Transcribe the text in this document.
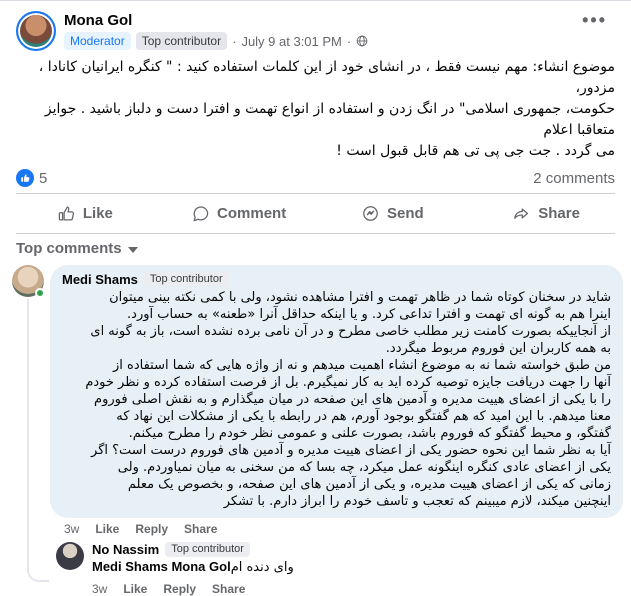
Mona Gol
Moderator	Top contributor · July 9 at 3:01 PM ·
•••
موضوع انشاء: مهم نیست فقط ، در انشای خود از این کلمات استفاده کنید : " کنگره ایرانیان کانادا ، مزدور،
حکومت، جمهوری اسلامی" در انگ زدن و استفاده از انواع تهمت و افترا دست و دلباز باشید . جوایز متعاقبا اعلام
می گردد . جت جی پی تی هم قابل قبول است !
5	2 comments
Like	Comment	Send	Share
Top comments
Medi Shams	Top contributor
شاید در سخنان کوتاه شما در ظاهر تهمت و افترا مشاهده نشود، ولی با کمی نکته بینی میتوان
اینرا هم به گونه ای تهمت و افترا تداعی کرد. و یا اینکه حداقل آنرا «طعنه» به حساب آورد.
از آنجاییکه بصورت کامنت زیر مطلب خاصی مطرح و در آن نامی برده نشده است، باز به گونه ای
به همه کاربران این فوروم مربوط میگردد.
من طبق خواسته شما نه به موضوع انشاء اهمیت میدهم و نه از واژه هایی که شما استفاده از
آنها را جهت دریافت جایزه توصیه کرده اید به کار نمیگیرم. بل از فرصت استفاده کرده و نظر خودم
را با یکی از اعضای هییت مدیره و آدمین های این صفحه در میان میگذارم و به نقش اصلی فوروم
معنا میدهم. با این امید که هم گفتگو بوجود آورم، هم در رابطه با یکی از مشکلات این نهاد که
گفتگو، و محیط گفتگو که فوروم باشد، بصورت علنی و عمومی نظر خودم را مطرح میکنم.
آیا به نظر شما این نحوه حضور یکی از اعضای هییت مدیره و آدمین های فوروم درست است؟ اگر
یکی از اعضای عادی کنگره اینگونه عمل میکرد، چه بسا که من سخنی به میان نمیاوردم. ولی
زمانی که یکی از اعضای هییت مدیره، و یکی از آدمین های این صفحه، و بخصوص یک معلم
اینچنین میکند، لازم میبینم که تعجب و تاسف خودم را ابراز دارم. با تشکر
3w Like Reply Share
No Nassim	Top contributor
Medi Shams Mona Golوای دنده ام
3w Like Reply Share
